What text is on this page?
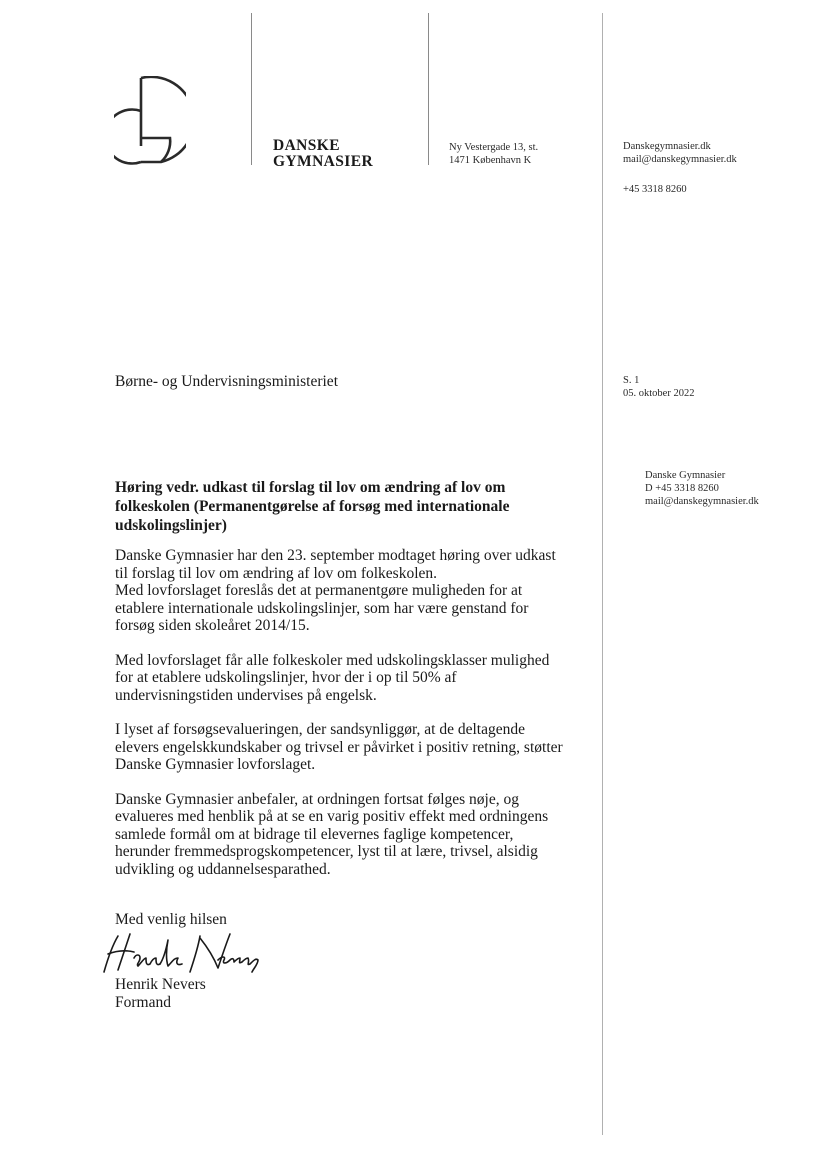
DANSKE
GYMNASIER
Ny Vestergade 13, st.
1471 København K
Danskegymnasier.dk
mail@danskegymnasier.dk
+45 3318 8260
Børne- og Undervisningsministeriet	S. 1
05. oktober 2022
Danske Gymnasier
D +45 3318 8260
mail@danskegymnasier.dk
Høring vedr. udkast til forslag til lov om ændring af lov om folkeskolen (Permanentgørelse af forsøg med internationale udskolingslinjer)
Danske Gymnasier har den 23. september modtaget høring over udkast
til forslag til lov om ændring af lov om folkeskolen.
Med lovforslaget foreslås det at permanentgøre muligheden for at
etablere internationale udskolingslinjer, som har være genstand for
forsøg siden skoleåret 2014/15.
Med lovforslaget får alle folkeskoler med udskolingsklasser mulighed
for at etablere udskolingslinjer, hvor der i op til 50% af
undervisningstiden undervises på engelsk.
I lyset af forsøgsevalueringen, der sandsynliggør, at de deltagende
elevers engelskkundskaber og trivsel er påvirket i positiv retning, støtter
Danske Gymnasier lovforslaget.
Danske Gymnasier anbefaler, at ordningen fortsat følges nøje, og
evalueres med henblik på at se en varig positiv effekt med ordningens
samlede formål om at bidrage til elevernes faglige kompetencer,
herunder fremmedsprogskompetencer, lyst til at lære, trivsel, alsidig
udvikling og uddannelsesparathed.
Med venlig hilsen
Henrik Nevers
Formand
